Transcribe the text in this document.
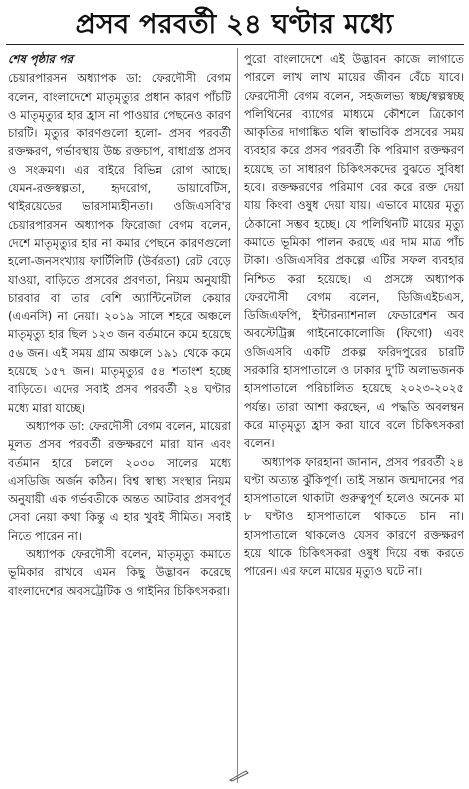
প্রসব পরবর্তী ২৪ ঘণ্টার মধ্যে
শেষ পৃষ্ঠার পর

চেয়ারপারসন অধ্যাপক ডা: ফেরদৌসী বেগম বলেন, বাংলাদেশে মাতৃমৃত্যুর প্রধান কারণ পাঁচটি ও মাতৃমৃত্যুর হার হ্রাস না পাওয়ার পেছনেও কারণ চারটি। মৃত্যুর কারণগুলো হলো- প্রসব পরবর্তী রক্তক্ষরণ, গর্ভাবস্থায় উচ্চ রক্তচাপ, বাধাগ্রস্ত প্রসব ও সংক্রমণ। এর বাইরে বিভিন্ন রোগ আছে। যেমন-রক্তস্বল্পতা, হৃদরোগ, ডায়াবেটিস, থাইরয়েডের ভারসাম্যহীনতা। ওজিএসবি'র চেয়ারপারসন অধ্যাপক ফিরোজা বেগম বলেন, দেশে মাতৃমৃত্যুর হার না কমার পেছনে কারণগুলো হলো-জনসংখ্যায় ফার্টিলিটি (উর্বরতা) রেট বেড়ে যাওয়া, বাড়িতে প্রসবের প্রবণতা, নিয়ম অনুযায়ী চারবার বা তার বেশি অ্যান্টিনেটাল কেয়ার (এএনসি) না নেয়া। ২০১৯ সালে শহরে অঞ্চলে মাতৃমৃত্যু হার ছিল ১২৩ জন বর্তমানে কমে হয়েছে ৫৬ জন। এই সময় গ্রাম অঞ্চলে ১৯১ থেকে কমে হয়েছে ১৫৭ জন। মাতৃমৃত্যুর ৫৪ শতাংশ হচ্ছে বাড়িতে। এদের সবাই প্রসব পরবর্তী ২৪ ঘণ্টার মধ্যে মারা যাচ্ছে।

অধ্যাপক ডা: ফেরদৌসী বেগম বলেন, মায়েরা মূলত প্রসব পরবর্তী রক্তক্ষরণে মারা যান এবং বর্তমান হারে চললে ২০৩০ সালের মধ্যে এসডিজি অর্জন কঠিন। বিশ্ব স্বাস্থ্য সংস্থার নিয়ম অনুযায়ী এক গর্ভবতীকে অন্তত আটবার প্রসবপূর্ব সেবা নেয়া কথা কিন্তু এ হার খুবই সীমিত। সবাই নিতে পারেন না।

অধ্যাপক ফেরদৌসী বলেন, মাতৃমৃত্যু কমাতে ভূমিকার রাখবে এমন কিছু উদ্ভাবন করেছে বাংলাদেশের অবসট্রেটিক ও গাইনির চিকিৎসকরা।

পুরো বাংলাদেশে এই উদ্ভাবন কাজে লাগাতে পারলে লাখ লাখ মায়ের জীবন বেঁচে যাবে। ফেরদৌসী বেগম বলেন, সহজলভ্য স্বচ্ছ/স্বল্পস্বচ্ছ পলিথিনের ব্যাগের মাধ্যমে কৌশলে ত্রিকোণ আকৃতির দাগাঙ্কিত থলি স্বাভাবিক প্রসবের সময় ব্যবহার করে প্রসব পরবর্তী কি পরিমাণ রক্তক্ষরণ হয়েছে তা সাধারণ চিকিৎসকদের বুঝতে সুবিধা হবে। রক্তক্ষরণের পরিমাণ বের করে রক্ত দেয়া যায় কিংবা ওষুধ দেয়া যায়। এভাবে মায়ের মৃত্যু ঠেকানো সম্ভব হচ্ছে। যে পলিথিনটি মায়ের মৃত্যু কমাতে ভূমিকা পালন করছে এর দাম মাত্র পাঁচ টাকা। ওজিএসবির প্রকল্পে এটির সফল ব্যবহার নিশ্চিত করা হয়েছে। এ প্রসঙ্গে অধ্যাপক ফেরদৌসী বেগম বলেন, ডিজিএইচএস, ডিজিএফপি, ইন্টারন্যাশনাল ফেডারেশন অব অবস্টেট্রিক্স গাইনোকোলোজি (ফিগো) এবং ওজিএসবি একটি প্রকল্প ফরিদপুরের চারটি সরকারি হাসপাতালে ও ঢাকার দু'টি অলাভজনক হাসপাতালে পরিচালিত হয়েছে ২০২৩-২০২৫ পর্যন্ত। তারা আশা করছেন, এ পদ্ধতি অবলম্বন করে মাতৃমৃত্যু হ্রাস করা যাবে বলে চিকিৎসকরা বলেন।

অধ্যাপক ফারহানা জানান, প্রসব পরবর্তী ২৪ ঘণ্টা অত্যন্ত ঝুঁকিপূর্ণ। তাই সন্তান জন্মদানের পর হাসপাতালে থাকাটা গুরুত্বপূর্ণ হলেও অনেক মা ৮ ঘণ্টাও হাসপাতালে থাকতে চান না। হাসপাতালে থাকলেও যেসব কারণে রক্তক্ষরণ হয়ে থাকে চিকিৎসকরা ওষুধ দিয়ে বন্ধ করতে পারেন। এর ফলে মায়ের মৃত্যুও ঘটে না।
